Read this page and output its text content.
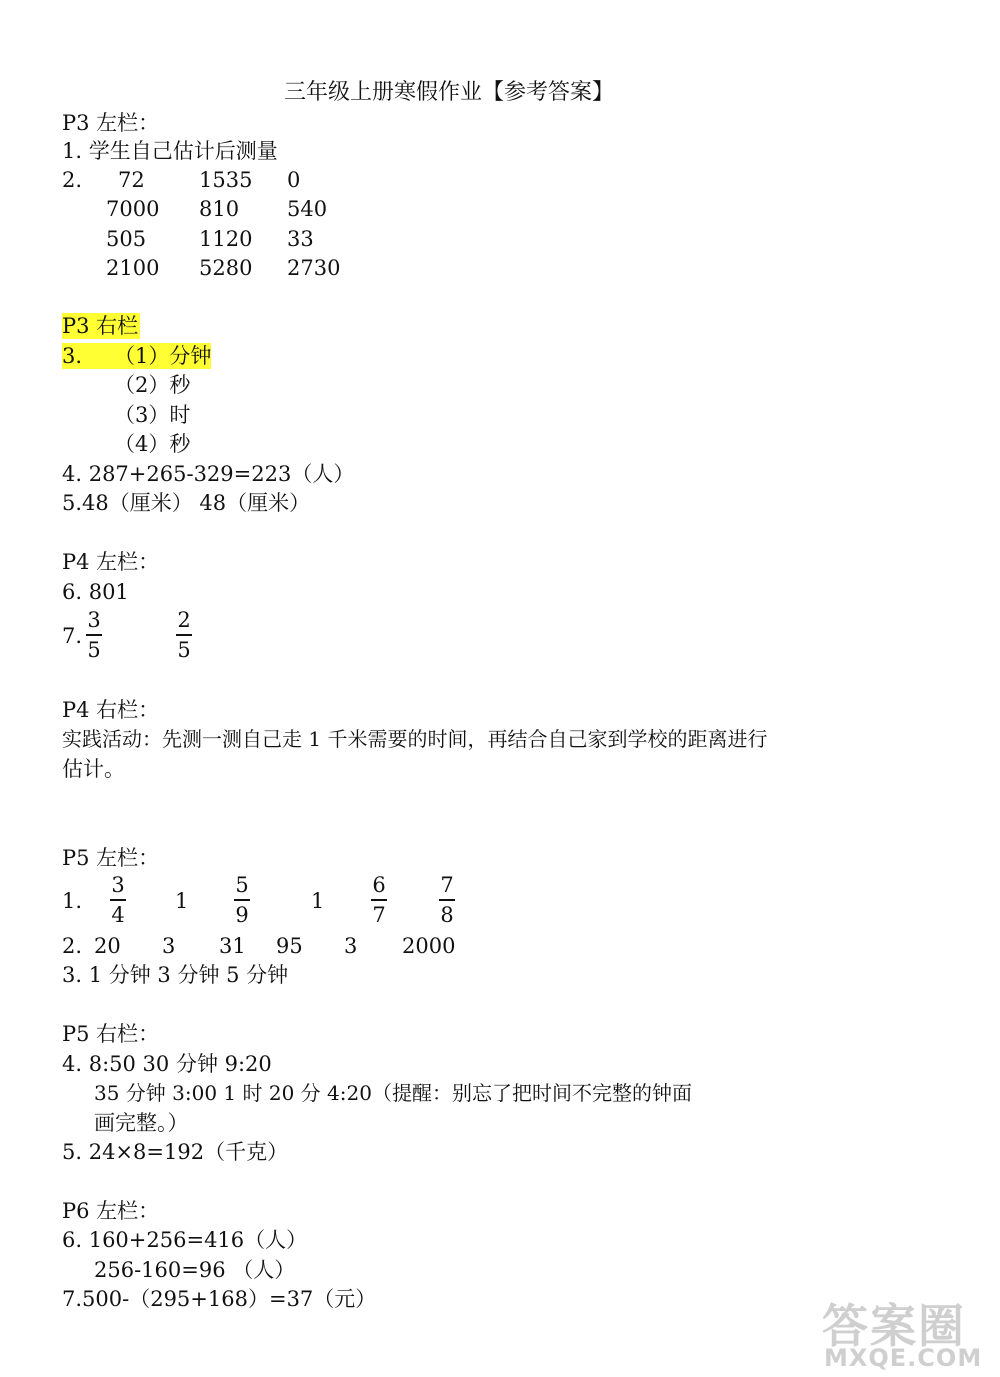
三年级上册寒假作业【参考答案】
P3 左栏：
1. 学生自己估计后测量
2. 72	1535 0
7000 810 540
505	1120 33
2100 5280 2730
P3 右栏
3.	（1）分钟
（2）秒
（3）时
（4）秒
4. 287+265-329=223（人）
5.48（厘米） 48（厘米）
P4 左栏：
6. 801
7.
3
5
2
5
P4 右栏：
实践活动：先测一测自己走 1 千米需要的时间，再结合自己家到学校的距离进行
估计。
P5 左栏：
1.
3
4
1
5
9
1
6
7
7
8
2. 20 3 31 95 3 2000
3. 1 分钟 3 分钟 5 分钟
P5 右栏：
4. 8:50 30 分钟 9:20
35 分钟 3:00 1 时 20 分 4:20（提醒：别忘了把时间不完整的钟面
画完整。）
5. 24×8=192（千克）
P6 左栏：
6. 160+256=416（人）
256-160=96 （人）
7.500-（295+168）=37（元）	答案圈
MXQE.COM
